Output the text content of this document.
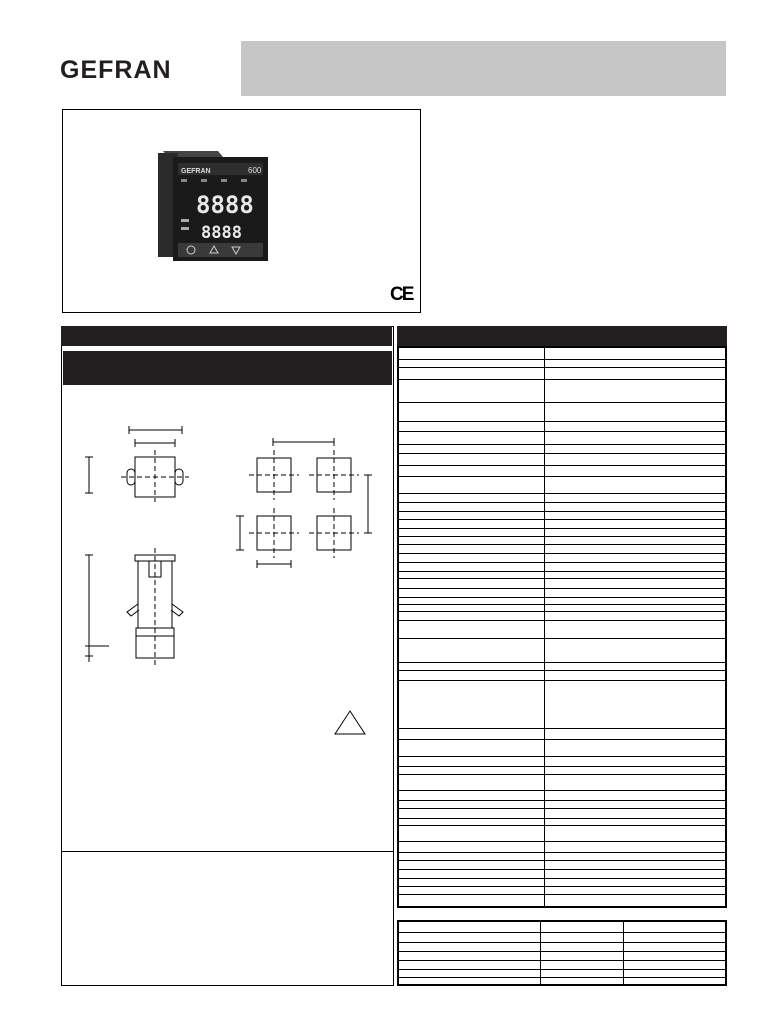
GEFRAN
GEFRAN	600
8888
8888
CE
